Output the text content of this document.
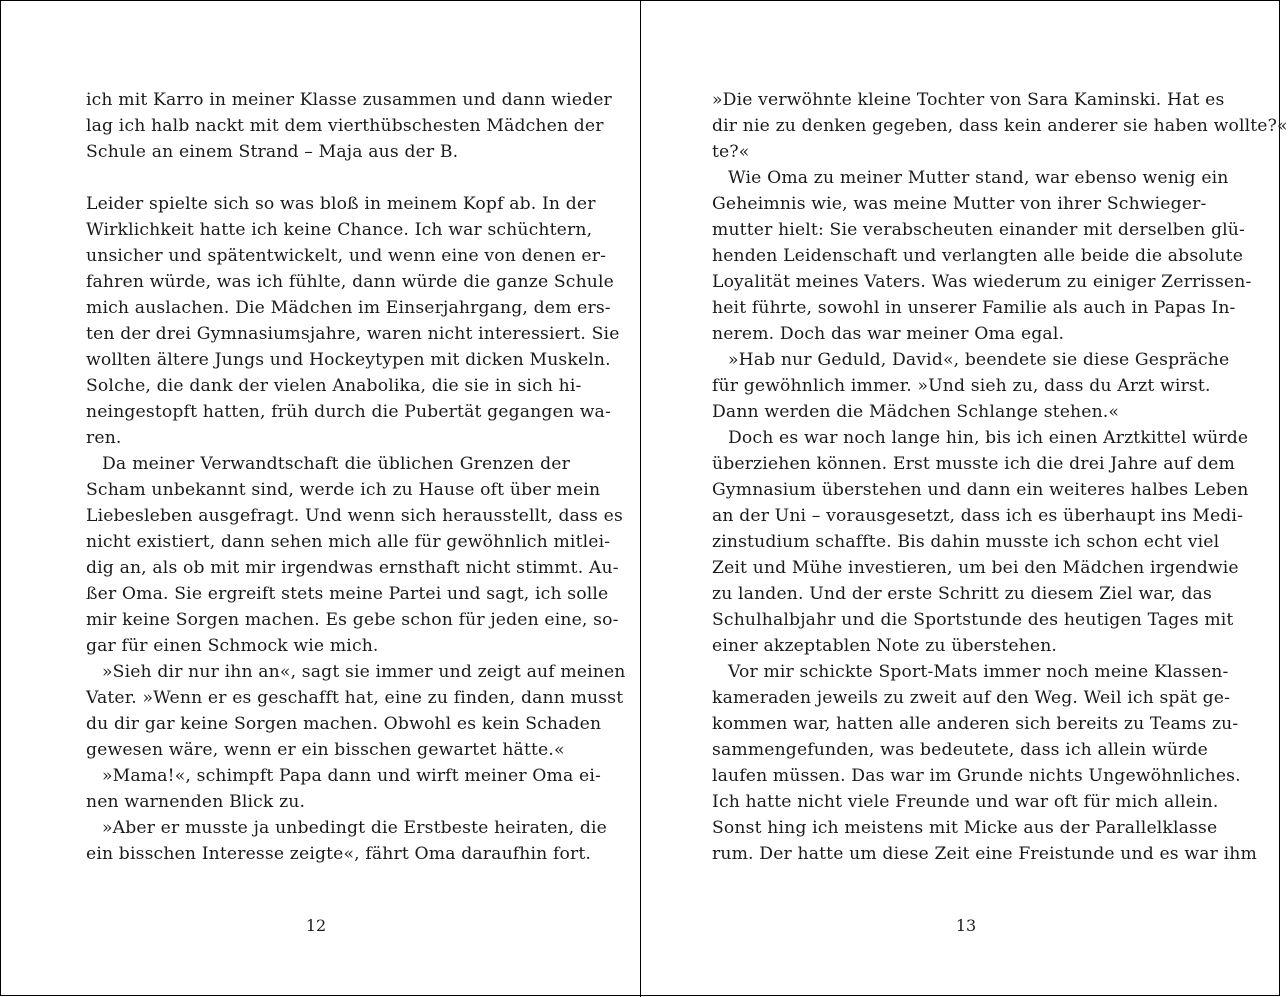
ich mit Karro in meiner Klasse zusammen und dann wieder
lag ich halb nackt mit dem vierthübschesten Mädchen der
Schule an einem Strand – Maja aus der B.
Leider spielte sich so was bloß in meinem Kopf ab. In der
Wirklichkeit hatte ich keine Chance. Ich war schüchtern,
unsicher und spätentwickelt, und wenn eine von denen er-
fahren würde, was ich fühlte, dann würde die ganze Schule
mich auslachen. Die Mädchen im Einserjahrgang, dem ers-
ten der drei Gymnasiumsjahre, waren nicht interessiert. Sie
wollten ältere Jungs und Hockeytypen mit dicken Muskeln.
Solche, die dank der vielen Anabolika, die sie in sich hi-
neingestopft hatten, früh durch die Pubertät gegangen wa-
ren.
Da meiner Verwandtschaft die üblichen Grenzen der
Scham unbekannt sind, werde ich zu Hause oft über mein
Liebesleben ausgefragt. Und wenn sich herausstellt, dass es
nicht existiert, dann sehen mich alle für gewöhnlich mitlei-
dig an, als ob mit mir irgendwas ernsthaft nicht stimmt. Au-
ßer Oma. Sie ergreift stets meine Partei und sagt, ich solle
mir keine Sorgen machen. Es gebe schon für jeden eine, so-
gar für einen Schmock wie mich.
»Sieh dir nur ihn an«, sagt sie immer und zeigt auf meinen
Vater. »Wenn er es geschafft hat, eine zu finden, dann musst
du dir gar keine Sorgen machen. Obwohl es kein Schaden
gewesen wäre, wenn er ein bisschen gewartet hätte.«
»Mama!«, schimpft Papa dann und wirft meiner Oma ei-
nen warnenden Blick zu.
»Aber er musste ja unbedingt die Erstbeste heiraten, die
ein bisschen Interesse zeigte«, fährt Oma daraufhin fort.
12
»Die verwöhnte kleine Tochter von Sara Kaminski. Hat es
dir nie zu denken gegeben, dass kein anderer sie haben wollte?«
te?«
Wie Oma zu meiner Mutter stand, war ebenso wenig ein
Geheimnis wie, was meine Mutter von ihrer Schwieger-
mutter hielt: Sie verabscheuten einander mit derselben glü-
henden Leidenschaft und verlangten alle beide die absolute
Loyalität meines Vaters. Was wiederum zu einiger Zerrissen-
heit führte, sowohl in unserer Familie als auch in Papas In-
nerem. Doch das war meiner Oma egal.
»Hab nur Geduld, David«, beendete sie diese Gespräche
für gewöhnlich immer. »Und sieh zu, dass du Arzt wirst.
Dann werden die Mädchen Schlange stehen.«
Doch es war noch lange hin, bis ich einen Arztkittel würde
überziehen können. Erst musste ich die drei Jahre auf dem
Gymnasium überstehen und dann ein weiteres halbes Leben
an der Uni – vorausgesetzt, dass ich es überhaupt ins Medi-
zinstudium schaffte. Bis dahin musste ich schon echt viel
Zeit und Mühe investieren, um bei den Mädchen irgendwie
zu landen. Und der erste Schritt zu diesem Ziel war, das
Schulhalbjahr und die Sportstunde des heutigen Tages mit
einer akzeptablen Note zu überstehen.
Vor mir schickte Sport-Mats immer noch meine Klassen-
kameraden jeweils zu zweit auf den Weg. Weil ich spät ge-
kommen war, hatten alle anderen sich bereits zu Teams zu-
sammengefunden, was bedeutete, dass ich allein würde
laufen müssen. Das war im Grunde nichts Ungewöhnliches.
Ich hatte nicht viele Freunde und war oft für mich allein.
Sonst hing ich meistens mit Micke aus der Parallelklasse
rum. Der hatte um diese Zeit eine Freistunde und es war ihm
13
